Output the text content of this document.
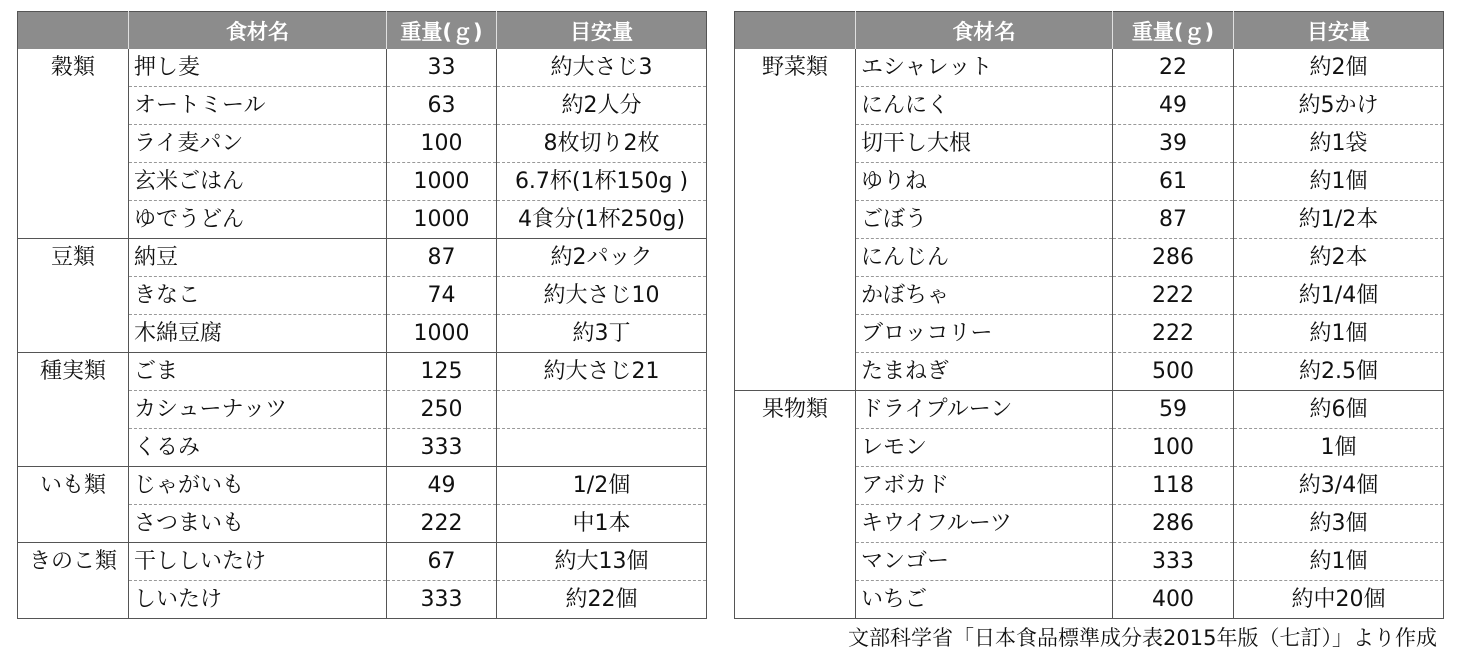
	食材名	重量(ｇ)	目安量
穀類	押し麦	33	約大さじ3
	オートミール	63	約2人分
	ライ麦パン	100	8枚切り2枚
	玄米ごはん	1000	6.7杯(1杯150g )
	ゆでうどん	1000	4食分(1杯250g)
豆類	納豆	87	約2パック
	きなこ	74	約大さじ10
	木綿豆腐	1000	約3丁
種実類	ごま	125	約大さじ21
	カシューナッツ	250	
	くるみ	333	
いも類	じゃがいも	49	1/2個
	さつまいも	222	中1本
きのこ類	干ししいたけ	67	約大13個
	しいたけ	333	約22個
	食材名	重量(ｇ)	目安量
野菜類	エシャレット	22	約2個
	にんにく	49	約5かけ
	切干し大根	39	約1袋
	ゆりね	61	約1個
	ごぼう	87	約1/2本
	にんじん	286	約2本
	かぼちゃ	222	約1/4個
	ブロッコリー	222	約1個
	たまねぎ	500	約2.5個
果物類	ドライプルーン	59	約6個
	レモン	100	1個
	アボカド	118	約3/4個
	キウイフルーツ	286	約3個
	マンゴー	333	約1個
	いちご	400	約中20個
文部科学省「日本食品標準成分表2015年版（七訂）」より作成
